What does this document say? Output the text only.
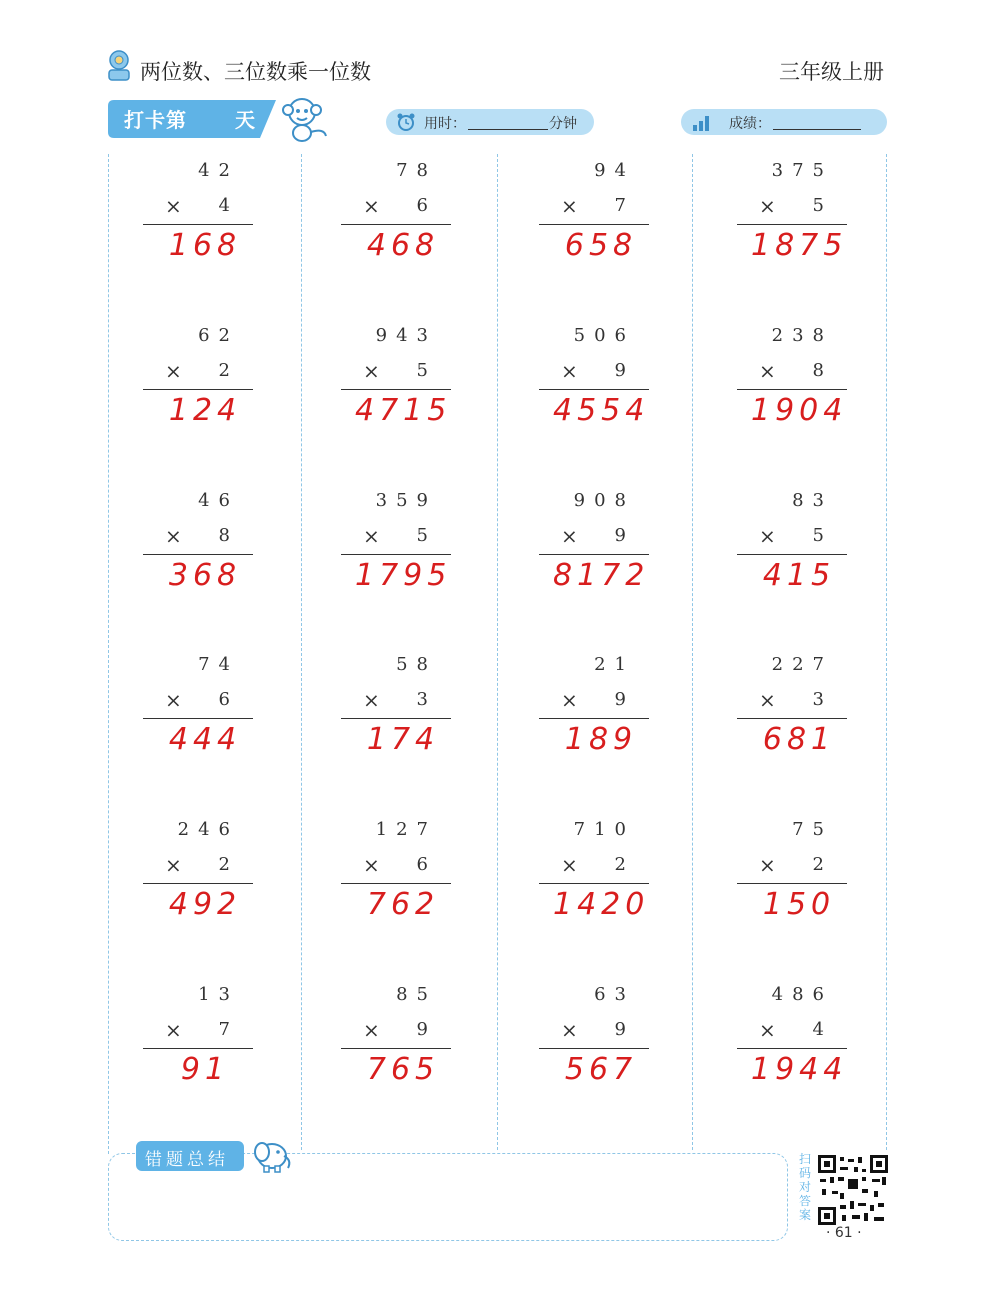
两位数、三位数乘一位数	三年级上册
打卡第 天	用时：	分钟	成绩：
42
× 4
168
62
× 2
124
46
× 8
368
74
× 6
444
246
× 2
492
13
× 7
91
78
× 6
468
943
× 5
4715
359
× 5
1795
58
× 3
174
127
× 6
762
85
× 9
765
94
× 7
658
506
× 9
4554
908
× 9
8172
21
× 9
189
710
× 2
1420
63
× 9
567
375
× 5
1875
238
× 8
1904
83
× 5
415
227
× 3
681
75
× 2
150
486
× 4
1944
错题总结	扫码对答案
· 61 ·
